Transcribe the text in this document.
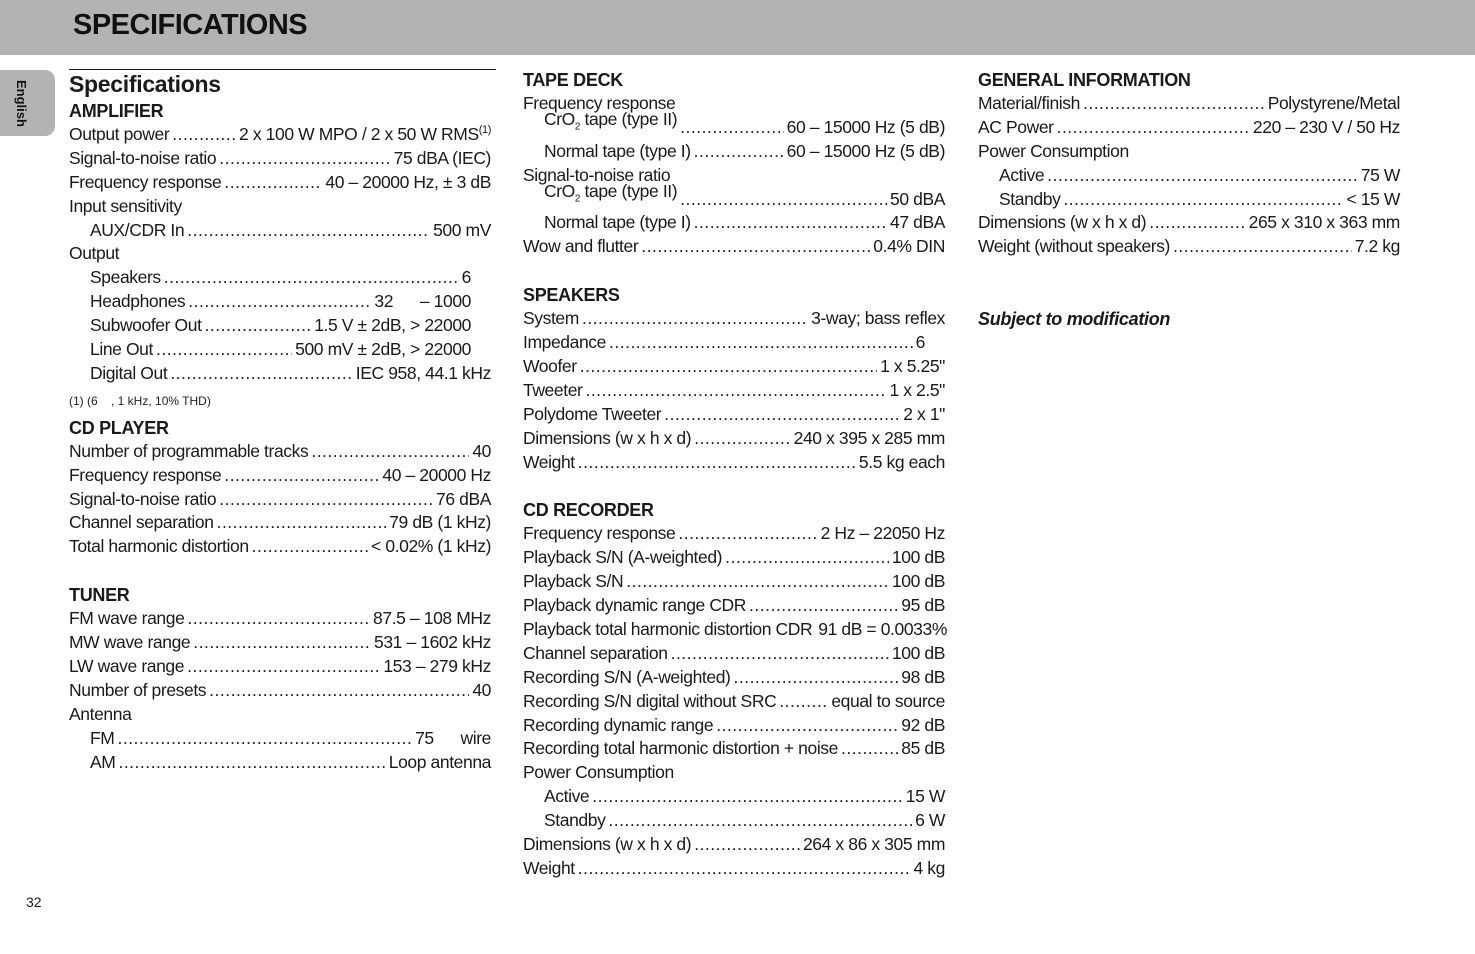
SPECIFICATIONS
English Specifications
AMPLIFIER
Output power .....	2 x 100 W MPO / 2 x 50 W RMS$^{(1)}$
Signal-to-noise ratio .....	75 dBA (IEC)
Frequency response .....	40 – 20000 Hz, ± 3 dB
Input sensitivity
AUX/CDR In .....	500 mV
Output
Speakers .....	6
Headphones .....	32      – 1000
Subwoofer Out .....	1.5 V ± 2dB, > 22000
Line Out .....	500 mV ± 2dB, > 22000
Digital Out .....	IEC 958, 44.1 kHz
(1) (6    , 1 kHz, 10% THD)
CD PLAYER
Number of programmable tracks .....	40
Frequency response .....	40 – 20000 Hz
Signal-to-noise ratio .....	76 dBA
Channel separation .....	79 dB (1 kHz)
Total harmonic distortion .....	< 0.02% (1 kHz)
TUNER
FM wave range .....	87.5 – 108 MHz
MW wave range .....	531 – 1602 kHz
LW wave range .....	153 – 279 kHz
Number of presets .....	40
Antenna
FM .....	75      wire
AM .....	Loop antenna
TAPE DECK
Frequency response
CrO$_2$ tape (type II) .....	60 – 15000 Hz (5 dB)
Normal tape (type I) .....	60 – 15000 Hz (5 dB)
Signal-to-noise ratio
CrO$_2$ tape (type II) .....	50 dBA
Normal tape (type I) .....	47 dBA
Wow and flutter .....	0.4% DIN
SPEAKERS
System .....	3-way; bass reflex
Impedance .....	6
Woofer .....	1 x 5.25"
Tweeter .....	1 x 2.5"
Polydome Tweeter .....	2 x 1"
Dimensions (w x h x d) .....	240 x 395 x 285 mm
Weight .....	5.5 kg each
CD RECORDER
Frequency response .....	2 Hz – 22050 Hz
Playback S/N (A-weighted) .....	100 dB
Playback S/N .....	100 dB
Playback dynamic range CDR .....	95 dB
Playback total harmonic distortion CDR 91 dB = 0.0033%
Channel separation .....	100 dB
Recording S/N (A-weighted) .....	98 dB
Recording S/N digital without SRC .....	equal to source
Recording dynamic range .....	92 dB
Recording total harmonic distortion + noise .....	85 dB
Power Consumption
Active .....	15 W
Standby .....	6 W
Dimensions (w x h x d) .....	264 x 86 x 305 mm
Weight .....	4 kg
GENERAL INFORMATION
Material/finish .....	Polystyrene/Metal
AC Power .....	220 – 230 V / 50 Hz
Power Consumption
Active .....	75 W
Standby .....	< 15 W
Dimensions (w x h x d) .....	265 x 310 x 363 mm
Weight (without speakers) .....	7.2 kg
Subject to modification
32
